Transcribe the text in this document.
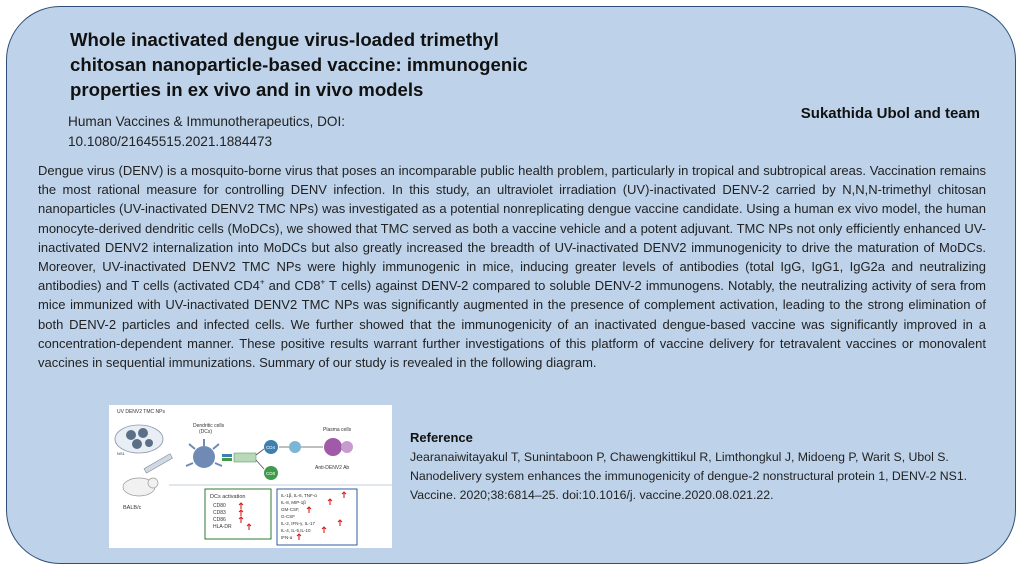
Whole inactivated dengue virus-loaded trimethyl chitosan nanoparticle-based vaccine: immunogenic properties in ex vivo and in vivo models
Human Vaccines & Immunotherapeutics, DOI:
10.1080/21645515.2021.1884473
Sukathida Ubol and team

Dengue virus (DENV) is a mosquito-borne virus that poses an incomparable public health problem, particularly in tropical and subtropical areas. Vaccination remains the most rational measure for controlling DENV infection. In this study, an ultraviolet irradiation (UV)-inactivated DENV-2 carried by N,N,N-trimethyl chitosan nanoparticles (UV-inactivated DENV2 TMC NPs) was investigated as a potential nonreplicating dengue vaccine candidate. Using a human ex vivo model, the human monocyte-derived dendritic cells (MoDCs), we showed that TMC served as both a vaccine vehicle and a potent adjuvant. TMC NPs not only efficiently enhanced UV-inactivated DENV2 internalization into MoDCs but also greatly increased the breadth of UV-inactivated DENV2 immunogenicity to drive the maturation of MoDCs. Moreover, UV-inactivated DENV2 TMC NPs were highly immunogenic in mice, inducing greater levels of antibodies (total IgG, IgG1, IgG2a and neutralizing antibodies) and T cells (activated CD4+ and CD8+ T cells) against DENV-2 compared to soluble DENV-2 immunogens. Notably, the neutralizing activity of sera from mice immunized with UV-inactivated DENV2 TMC NPs was significantly augmented in the presence of complement activation, leading to the strong elimination of both DENV-2 particles and infected cells. We further showed that the immunogenicity of an inactivated dengue-based vaccine was significantly improved in a concentration-dependent manner. These positive results warrant further investigations of this platform of vaccine delivery for tetravalent vaccines or monovalent vaccines in sequential immunizations. Summary of our study is revealed in the following diagram.

UV DENV2 TMC NPs
NS1
BALB/c
Dendritic cells
(DCs)
CD4
CD8
Plasma cells
Anti-DENV2 Ab
DCs activation
CD80
CD83
CD86
HLA-DR
IL-1β, IL-6, TNF-α
IL-8, MIP-1β
GM-CSF,
G-CSF
IL-2, IFN-γ, IL-17
IL-4, IL-5,IL-10
IFN-α
Reference
Jearanaiwitayakul T, Sunintaboon P, Chawengkittikul R, Limthongkul J, Midoeng P, Warit S, Ubol S. Nanodelivery system enhances the immunogenicity of dengue-2 nonstructural protein 1, DENV-2 NS1. Vaccine. 2020;38:6814–25. doi:10.1016/j. vaccine.2020.08.021.22.
